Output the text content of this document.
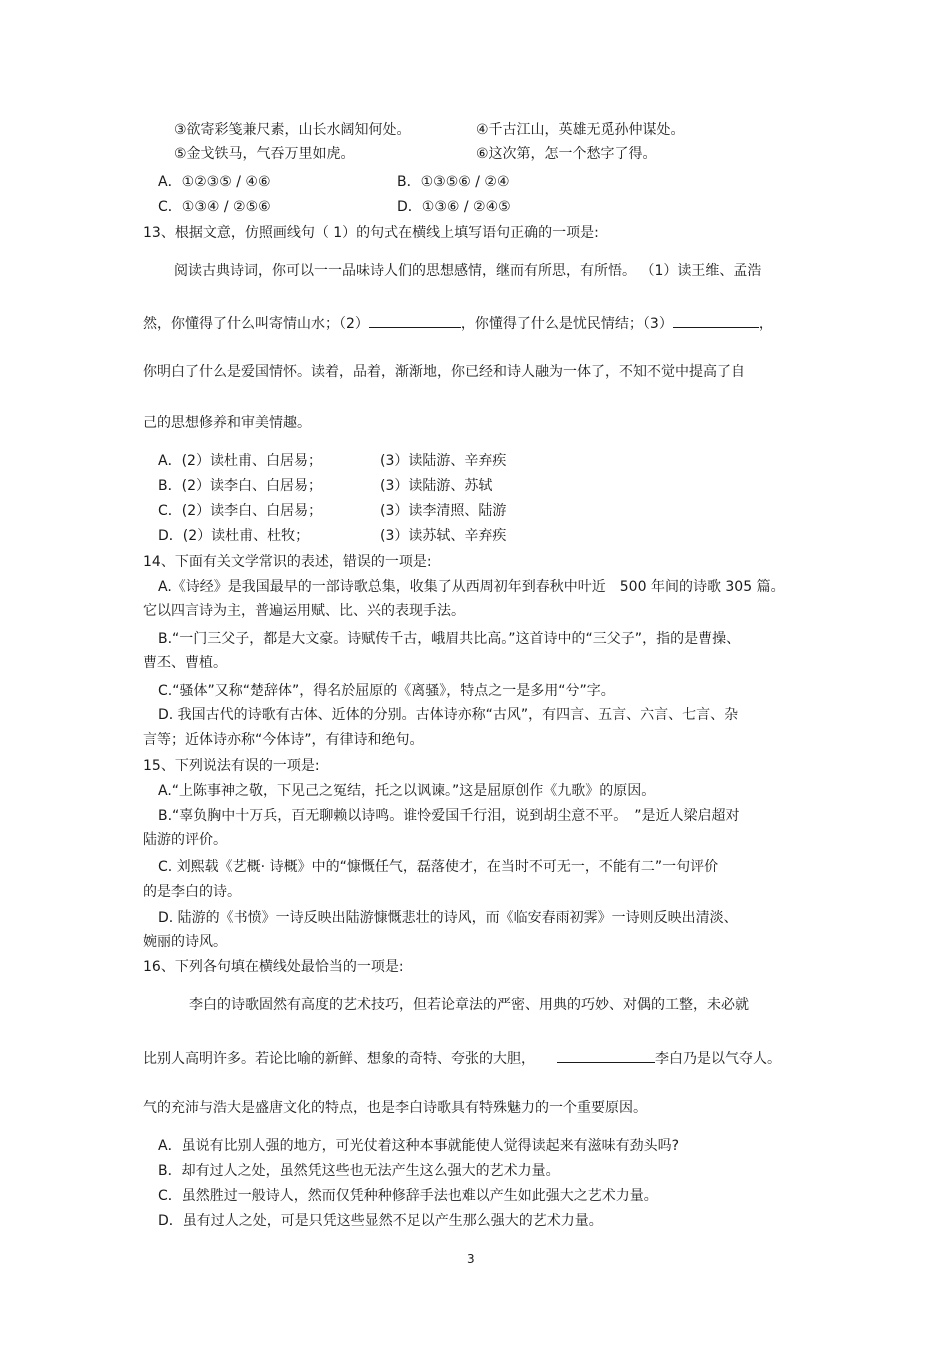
③欲寄彩笺兼尺素，山长水阔知何处。	④千古江山，英雄无觅孙仲谋处。
⑤金戈铁马，气吞万里如虎。	⑥这次第，怎一个愁字了得。
A．①②③⑤ / ④⑥	B．①③⑤⑥ / ②④
C．①③④ / ②⑤⑥	D．①③⑥ / ②④⑤
13、根据文意，仿照画线句（ 1）的句式在横线上填写语句正确的一项是:
阅读古典诗词，你可以一一品味诗人们的思想感情，继而有所思，有所悟。 （1）读王维、孟浩
然，你懂得了什么叫寄情山水；（2）	，你懂得了什么是忧民情结；（3）	，
你明白了什么是爱国情怀。读着，品着，渐渐地，你已经和诗人融为一体了，不知不觉中提高了自
己的思想修养和审美情趣。
A．(2）读杜甫、白居易；	(3）读陆游、辛弃疾
B．(2）读李白、白居易；	(3）读陆游、苏轼
C．(2）读李白、白居易；	(3）读李清照、陆游
D．(2）读杜甫、杜牧；	(3）读苏轼、辛弃疾
14、下面有关文学常识的表述，错误的一项是:
A.《诗经》是我国最早的一部诗歌总集，收集了从西周初年到春秋中叶近　500 年间的诗歌 305 篇。
它以四言诗为主，普遍运用赋、比、兴的表现手法。
B.“一门三父子，都是大文豪。诗赋传千古，峨眉共比高。”这首诗中的“三父子”，指的是曹操、
曹丕、曹植。
C.“骚体”又称“楚辞体”，得名於屈原的《离骚》，特点之一是多用“兮”字。
D. 我国古代的诗歌有古体、近体的分别。古体诗亦称“古风”，有四言、五言、六言、七言、杂
言等；近体诗亦称“今体诗”，有律诗和绝句。
15、下列说法有误的一项是:
A.“上陈事神之敬，下见己之冤结，托之以讽谏。”这是屈原创作《九歌》的原因。
B.“辜负胸中十万兵，百无聊赖以诗鸣。谁怜爱国千行泪，说到胡尘意不平。　”是近人梁启超对
陆游的评价。
C. 刘熙载《艺概· 诗概》中的“慷慨任气，磊落使才，在当时不可无一，不能有二”一句评价
的是李白的诗。
D. 陆游的《书愤》一诗反映出陆游慷慨悲壮的诗风，而《临安春雨初霁》一诗则反映出清淡、
婉丽的诗风。
16、下列各句填在横线处最恰当的一项是:
李白的诗歌固然有高度的艺术技巧，但若论章法的严密、用典的巧妙、对偶的工整，未必就
比别人高明许多。若论比喻的新鲜、想象的奇特、夸张的大胆，	李白乃是以气夺人。
气的充沛与浩大是盛唐文化的特点，也是李白诗歌具有特殊魅力的一个重要原因。
A．虽说有比别人强的地方，可光仗着这种本事就能使人觉得读起来有滋味有劲头吗?
B．却有过人之处，虽然凭这些也无法产生这么强大的艺术力量。
C．虽然胜过一般诗人，然而仅凭种种修辞手法也难以产生如此强大之艺术力量。
D．虽有过人之处，可是只凭这些显然不足以产生那么强大的艺术力量。
3
